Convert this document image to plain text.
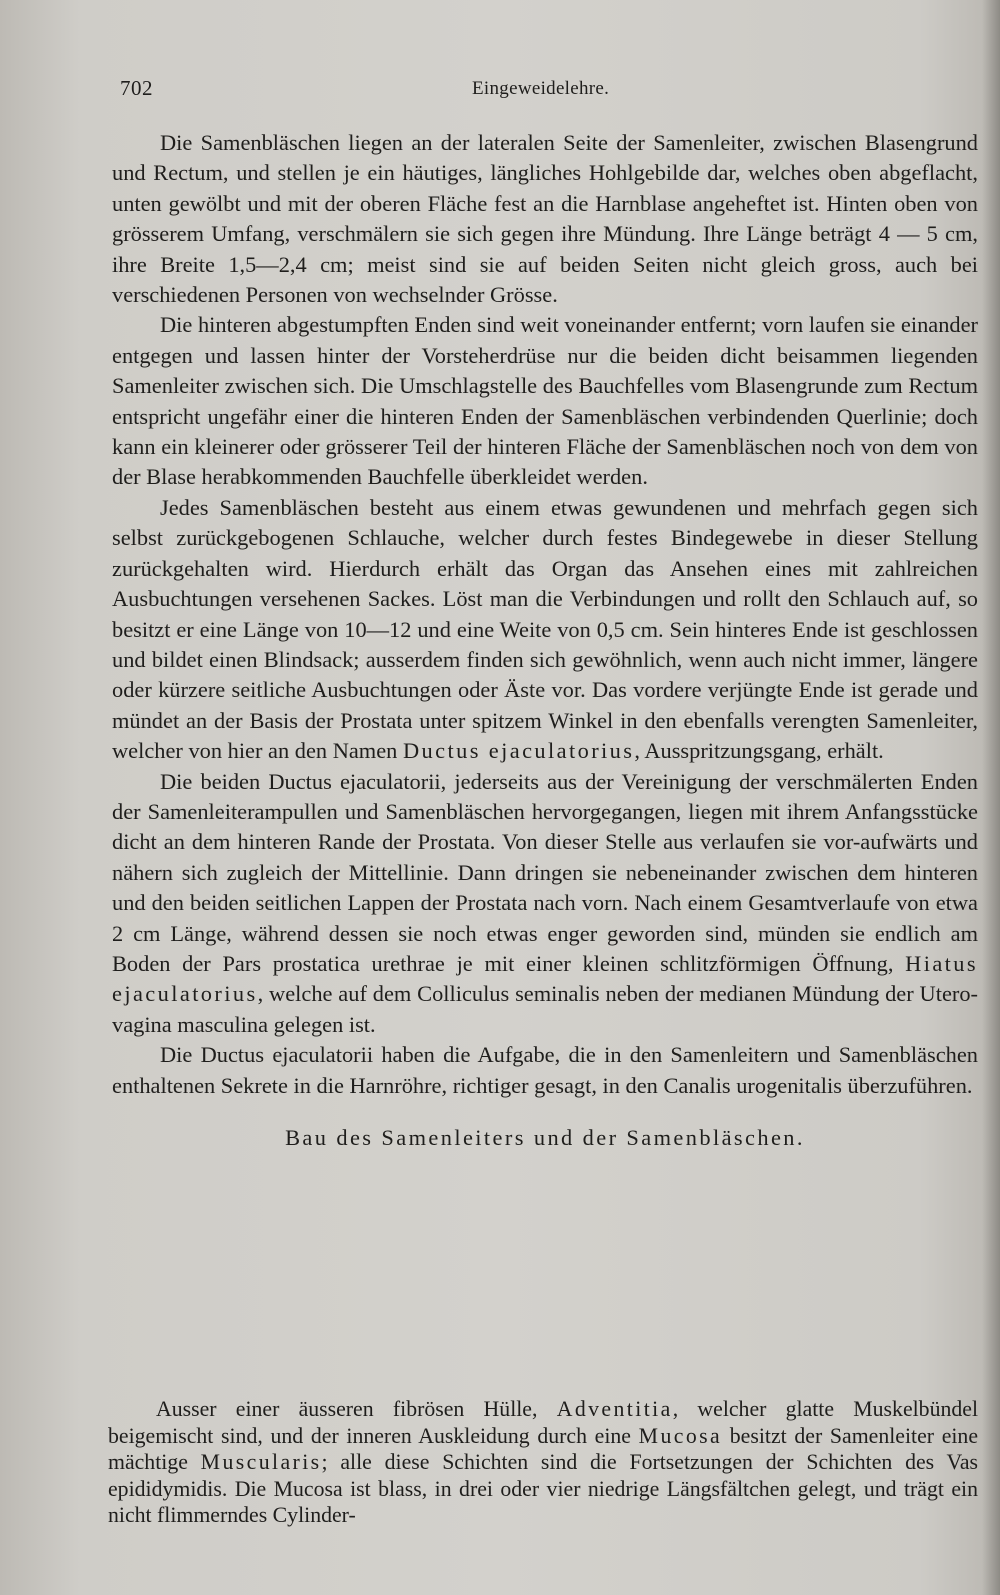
702	Eingeweidelehre.

Die Samenbläschen liegen an der lateralen Seite der Samenleiter, zwischen Blasengrund und Rectum, und stellen je ein häutiges, längliches Hohlgebilde dar, welches oben abgeflacht, unten gewölbt und mit der oberen Fläche fest an die Harnblase angeheftet ist. Hinten oben von grösserem Umfang, verschmälern sie sich gegen ihre Mündung. Ihre Länge beträgt 4 — 5 cm, ihre Breite 1,5—2,4 cm; meist sind sie auf beiden Seiten nicht gleich gross, auch bei verschiedenen Personen von wechselnder Grösse.

Die hinteren abgestumpften Enden sind weit voneinander entfernt; vorn laufen sie einander entgegen und lassen hinter der Vorsteherdrüse nur die beiden dicht beisammen liegenden Samenleiter zwischen sich. Die Umschlagstelle des Bauchfelles vom Blasengrunde zum Rectum entspricht ungefähr einer die hinteren Enden der Samenbläschen verbindenden Querlinie; doch kann ein kleinerer oder grösserer Teil der hinteren Fläche der Samenbläschen noch von dem von der Blase herabkommenden Bauchfelle überkleidet werden.

Jedes Samenbläschen besteht aus einem etwas gewundenen und mehrfach gegen sich selbst zurückgebogenen Schlauche, welcher durch festes Bindegewebe in dieser Stellung zurückgehalten wird. Hierdurch erhält das Organ das Ansehen eines mit zahlreichen Ausbuchtungen versehenen Sackes. Löst man die Verbindungen und rollt den Schlauch auf, so besitzt er eine Länge von 10—12 und eine Weite von 0,5 cm. Sein hinteres Ende ist geschlossen und bildet einen Blindsack; ausserdem finden sich gewöhnlich, wenn auch nicht immer, längere oder kürzere seitliche Ausbuchtungen oder Äste vor. Das vordere verjüngte Ende ist gerade und mündet an der Basis der Prostata unter spitzem Winkel in den ebenfalls verengten Samenleiter, welcher von hier an den Namen Ductus ejaculatorius, Ausspritzungsgang, erhält.

Die beiden Ductus ejaculatorii, jederseits aus der Vereinigung der verschmälerten Enden der Samenleiterampullen und Samenbläschen hervorgegangen, liegen mit ihrem Anfangsstücke dicht an dem hinteren Rande der Prostata. Von dieser Stelle aus verlaufen sie vor-aufwärts und nähern sich zugleich der Mittellinie. Dann dringen sie nebeneinander zwischen dem hinteren und den beiden seitlichen Lappen der Prostata nach vorn. Nach einem Gesamtverlaufe von etwa 2 cm Länge, während dessen sie noch etwas enger geworden sind, münden sie endlich am Boden der Pars prostatica urethrae je mit einer kleinen schlitzförmigen Öffnung, Hiatus ejaculatorius, welche auf dem Colliculus seminalis neben der medianen Mündung der Utero-vagina masculina gelegen ist.

Die Ductus ejaculatorii haben die Aufgabe, die in den Samenleitern und Samenbläschen enthaltenen Sekrete in die Harnröhre, richtiger gesagt, in den Canalis urogenitalis überzuführen.

Bau des Samenleiters und der Samenbläschen.

Ausser einer äusseren fibrösen Hülle, Adventitia, welcher glatte Muskelbündel beigemischt sind, und der inneren Auskleidung durch eine Mucosa besitzt der Samenleiter eine mächtige Muscularis; alle diese Schichten sind die Fortsetzungen der Schichten des Vas epididymidis. Die Mucosa ist blass, in drei oder vier niedrige Längsfältchen gelegt, und trägt ein nicht flimmerndes Cylinder-
